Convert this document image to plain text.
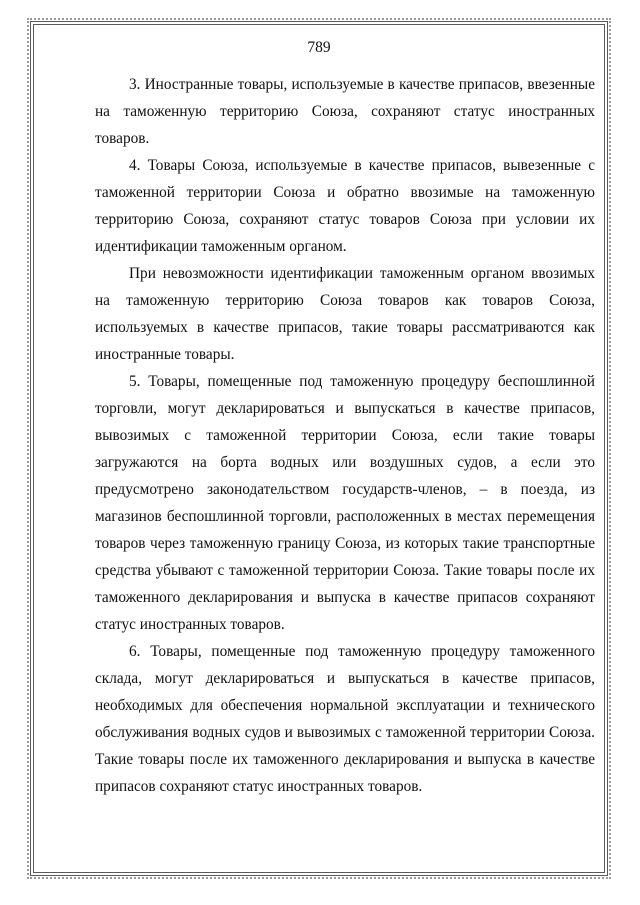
789

3. Иностранные товары, используемые в качестве припасов, ввезенные на таможенную территорию Союза, сохраняют статус иностранных товаров.

4. Товары Союза, используемые в качестве припасов, вывезенные с таможенной территории Союза и обратно ввозимые на таможенную территорию Союза, сохраняют статус товаров Союза при условии их идентификации таможенным органом.

При невозможности идентификации таможенным органом ввозимых на таможенную территорию Союза товаров как товаров Союза, используемых в качестве припасов, такие товары рассматриваются как иностранные товары.

5. Товары, помещенные под таможенную процедуру беспошлинной торговли, могут декларироваться и выпускаться в качестве припасов, вывозимых с таможенной территории Союза, если такие товары загружаются на борта водных или воздушных судов, а если это предусмотрено законодательством государств-членов, – в поезда, из магазинов беспошлинной торговли, расположенных в местах перемещения товаров через таможенную границу Союза, из которых такие транспортные средства убывают с таможенной территории Союза. Такие товары после их таможенного декларирования и выпуска в качестве припасов сохраняют статус иностранных товаров.

6. Товары, помещенные под таможенную процедуру таможенного склада, могут декларироваться и выпускаться в качестве припасов, необходимых для обеспечения нормальной эксплуатации и технического обслуживания водных судов и вывозимых с таможенной территории Союза. Такие товары после их таможенного декларирования и выпуска в качестве припасов сохраняют статус иностранных товаров.
